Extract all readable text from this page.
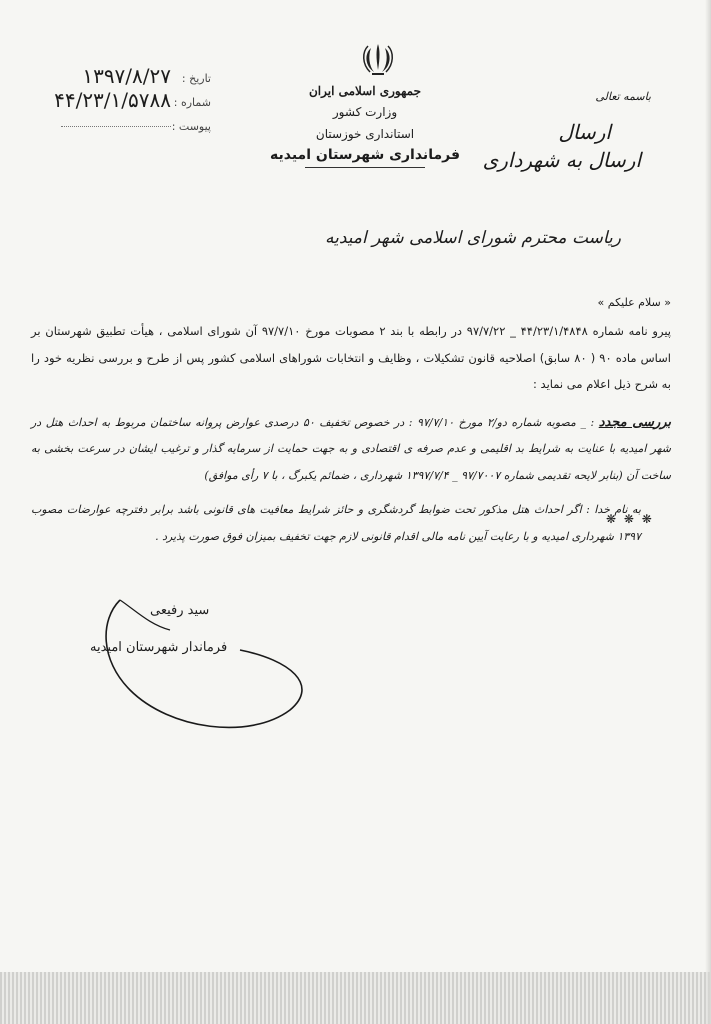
جمهوری اسلامی ایران
وزارت کشور
استانداری خوزستان
فرمانداری شهرستان امیدیه
تاریخ :
۱۳۹۷/۸/۲۷
شماره :
۴۴/۲۳/۱/۵۷۸۸
پیوست :
باسمه تعالی
ارسال
ارسال به شهرداری
ریاست محترم شورای اسلامی شهر امیدیه
« سلام علیکم »

پیرو نامه شماره ۴۴/۲۳/۱/۴۸۴۸ _ ۹۷/۷/۲۲ در رابطه با بند ۲ مصوبات مورخ ۹۷/۷/۱۰ آن شورای اسلامی ، هیأت تطبیق شهرستان بر اساس ماده ۹۰ ( ۸۰ سابق) اصلاحیه قانون تشکیلات ، وظایف و انتخابات شوراهای اسلامی کشور پس از طرح و بررسی نظریه خود را به شرح ذیل اعلام می نماید :

بررسی مجدد : _ مصوبه شماره دو/۲ مورخ ۹۷/۷/۱۰ : در خصوص تخفیف ۵۰ درصدی عوارض پروانه ساختمان مربوط به احداث هتل در شهر امیدیه با عنایت به شرایط بد اقلیمی و عدم صرفه ی اقتصادی و به جهت حمایت از سرمایه گذار و ترغیب ایشان در سرعت بخشی به ساخت آن (بنابر لایحه تقدیمی شماره ۹۷/۷۰۰۷ _ ۱۳۹۷/۷/۴ شهرداری ، ضمائم یکبرگ ، با ۷ رأی موافق)

به نام خدا : اگر احداث هتل مذکور تحت ضوابط گردشگری و حائز شرایط معافیت های قانونی باشد برابر دفترچه عوارضات مصوب ۱۳۹۷ شهرداری امیدیه و با رعایت آیین نامه مالی اقدام قانونی لازم جهت تخفیف بمیزان فوق صورت پذیرد .

❋ ❋ ❋
سید رفیعی
فرماندار شهرستان امیدیه
